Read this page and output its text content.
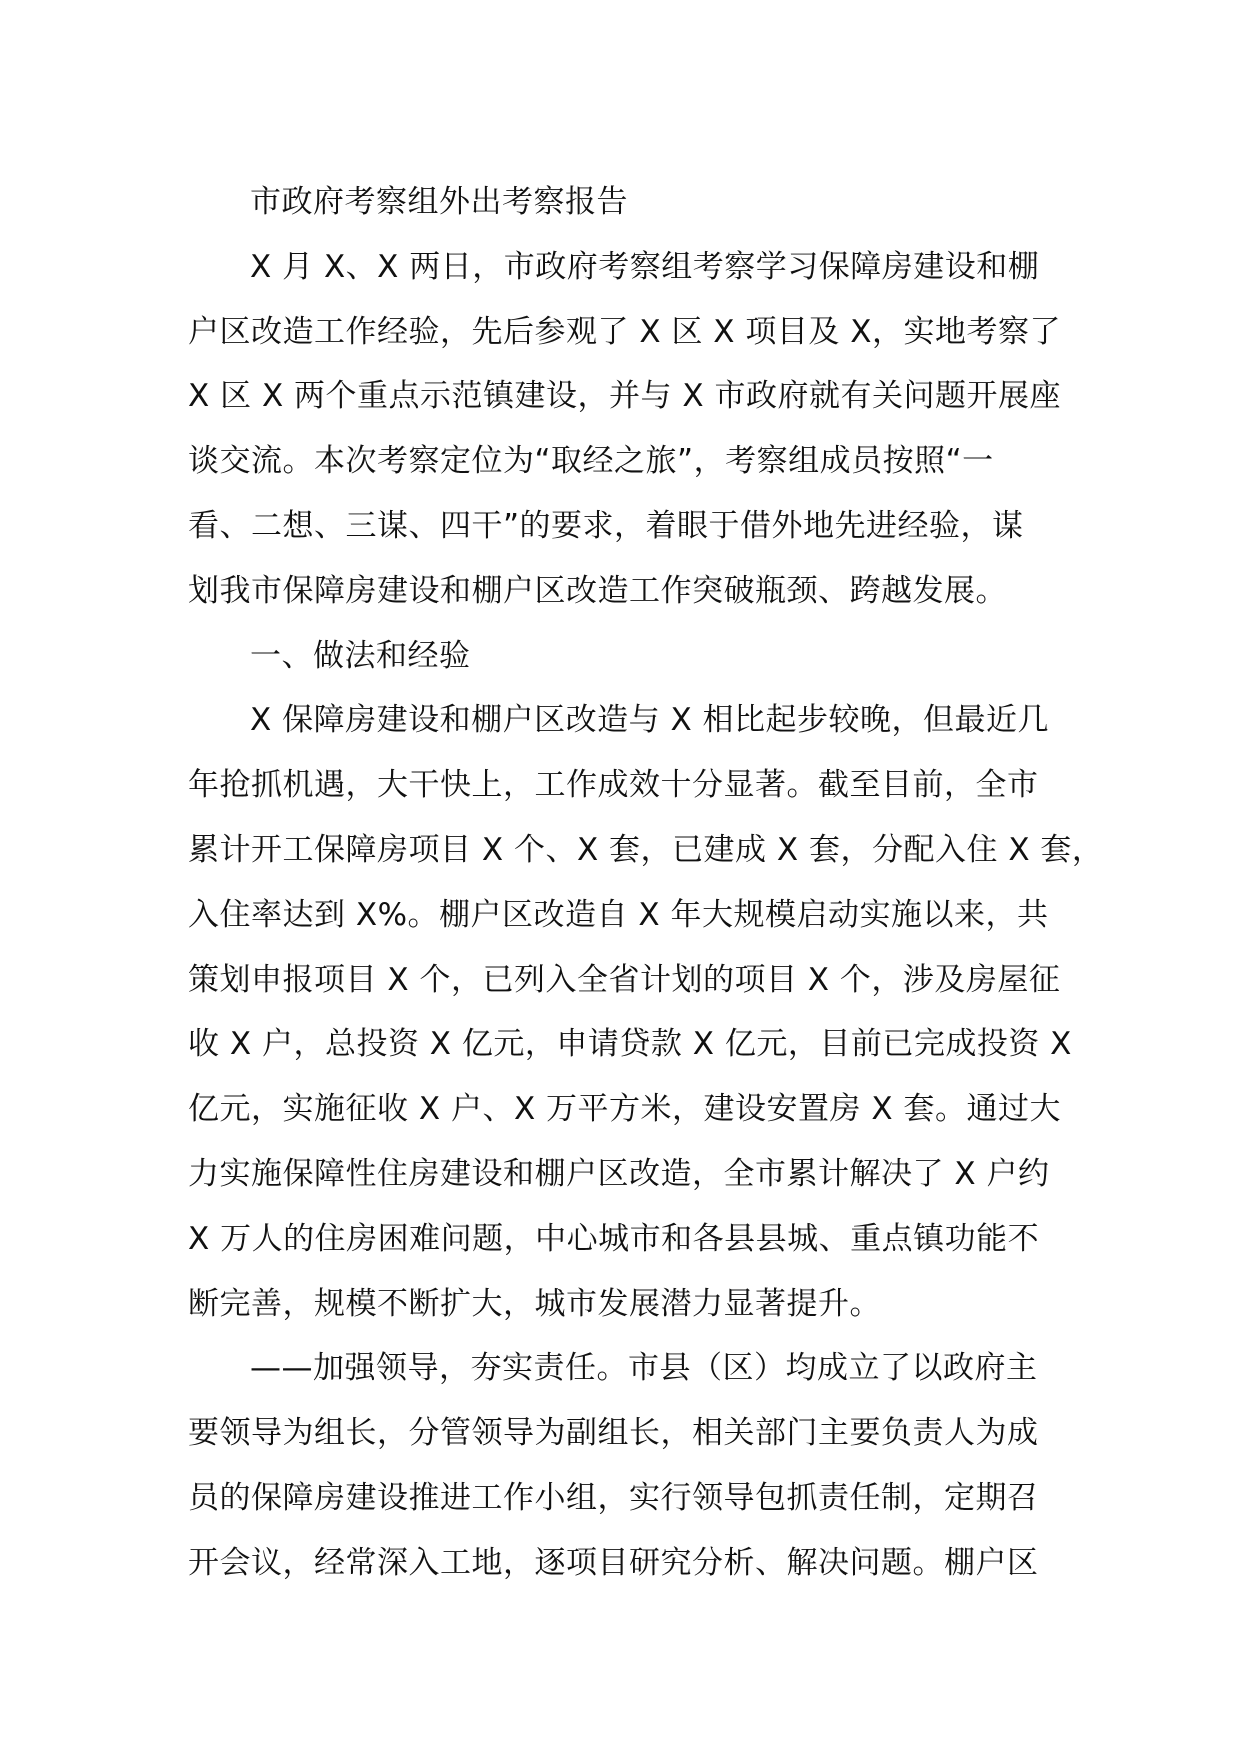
市政府考察组外出考察报告
X 月 X、X 两日，市政府考察组考察学习保障房建设和棚
户区改造工作经验，先后参观了 X 区 X 项目及 X，实地考察了
X 区 X 两个重点示范镇建设，并与 X 市政府就有关问题开展座
谈交流。本次考察定位为“取经之旅”，考察组成员按照“一
看、二想、三谋、四干”的要求，着眼于借外地先进经验，谋
划我市保障房建设和棚户区改造工作突破瓶颈、跨越发展。
一、做法和经验
X 保障房建设和棚户区改造与 X 相比起步较晚，但最近几
年抢抓机遇，大干快上，工作成效十分显著。截至目前，全市
累计开工保障房项目 X 个、X 套，已建成 X 套，分配入住 X 套，
入住率达到 X%。棚户区改造自 X 年大规模启动实施以来，共
策划申报项目 X 个，已列入全省计划的项目 X 个，涉及房屋征
收 X 户，总投资 X 亿元，申请贷款 X 亿元，目前已完成投资 X
亿元，实施征收 X 户、X 万平方米，建设安置房 X 套。通过大
力实施保障性住房建设和棚户区改造，全市累计解决了 X 户约
X 万人的住房困难问题，中心城市和各县县城、重点镇功能不
断完善，规模不断扩大，城市发展潜力显著提升。
——加强领导，夯实责任。市县（区）均成立了以政府主
要领导为组长，分管领导为副组长，相关部门主要负责人为成
员的保障房建设推进工作小组，实行领导包抓责任制，定期召
开会议，经常深入工地，逐项目研究分析、解决问题。棚户区
